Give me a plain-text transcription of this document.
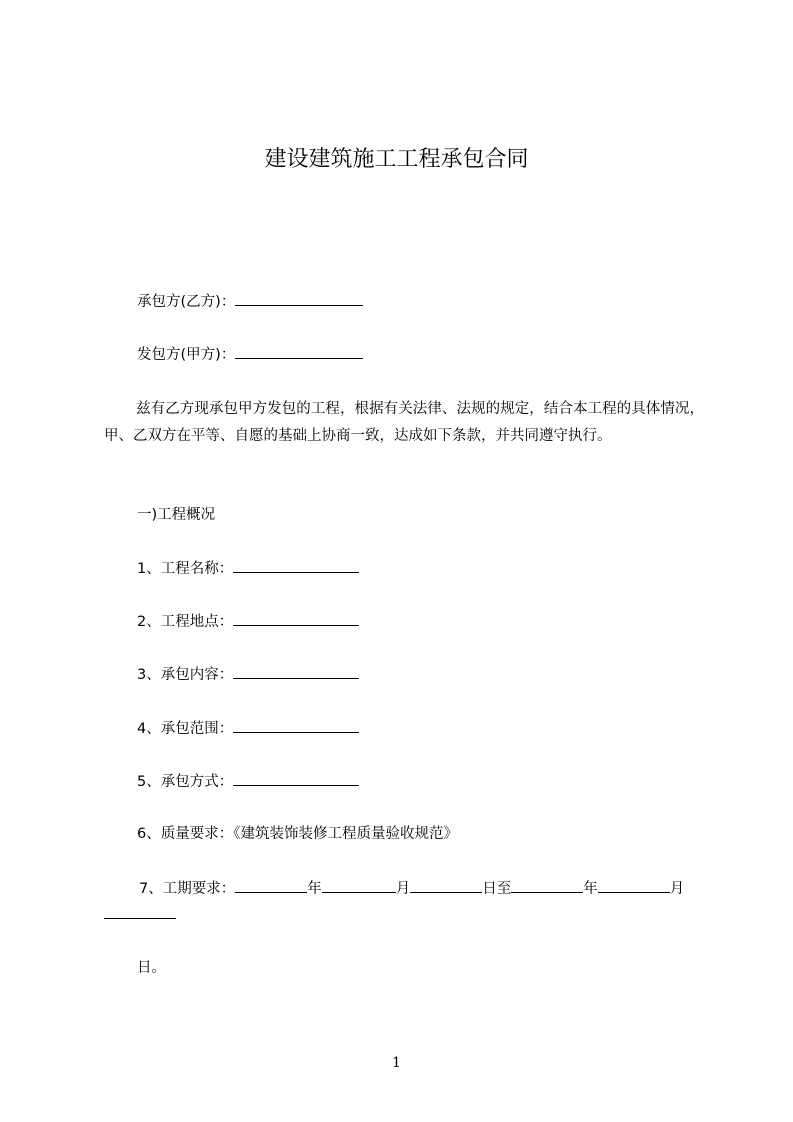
建设建筑施工工程承包合同
承包方(乙方)：
发包方(甲方)：
兹有乙方现承包甲方发包的工程，根据有关法律、法规的规定，结合本工程的具体情况，甲、乙双方在平等、自愿的基础上协商一致，达成如下条款，并共同遵守执行。
一)工程概况
1、工程名称：
2、工程地点：
3、承包内容：
4、承包范围：
5、承包方式：
6、质量要求：《建筑装饰装修工程质量验收规范》
7、工期要求：	年	月	日至	年	月
日。
1
